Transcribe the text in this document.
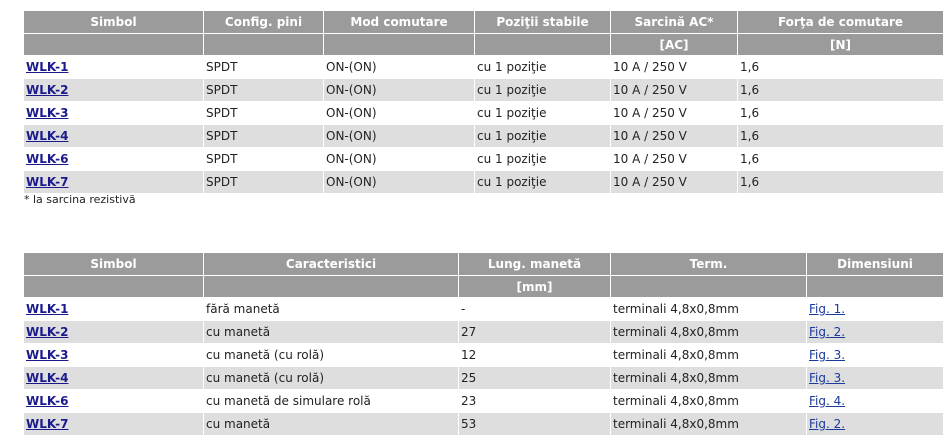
Simbol	Config. pini	Mod comutare	Poziţii stabile	Sarcină AC*	Forţa de comutare
				[AC]	[N]
WLK-1	SPDT	ON-(ON)	cu 1 poziţie	10 A / 250 V	1,6
WLK-2	SPDT	ON-(ON)	cu 1 poziţie	10 A / 250 V	1,6
WLK-3	SPDT	ON-(ON)	cu 1 poziţie	10 A / 250 V	1,6
WLK-4	SPDT	ON-(ON)	cu 1 poziţie	10 A / 250 V	1,6
WLK-6	SPDT	ON-(ON)	cu 1 poziţie	10 A / 250 V	1,6
WLK-7	SPDT	ON-(ON)	cu 1 poziţie	10 A / 250 V	1,6
* la sarcina rezistivă
Simbol	Caracteristici	Lung. manetă	Term.	Dimensiuni
		[mm]		
WLK-1	fără manetă	-	terminali 4,8x0,8mm	Fig. 1.
WLK-2	cu manetă	27	terminali 4,8x0,8mm	Fig. 2.
WLK-3	cu manetă (cu rolă)	12	terminali 4,8x0,8mm	Fig. 3.
WLK-4	cu manetă (cu rolă)	25	terminali 4,8x0,8mm	Fig. 3.
WLK-6	cu manetă de simulare rolă	23	terminali 4,8x0,8mm	Fig. 4.
WLK-7	cu manetă	53	terminali 4,8x0,8mm	Fig. 2.
